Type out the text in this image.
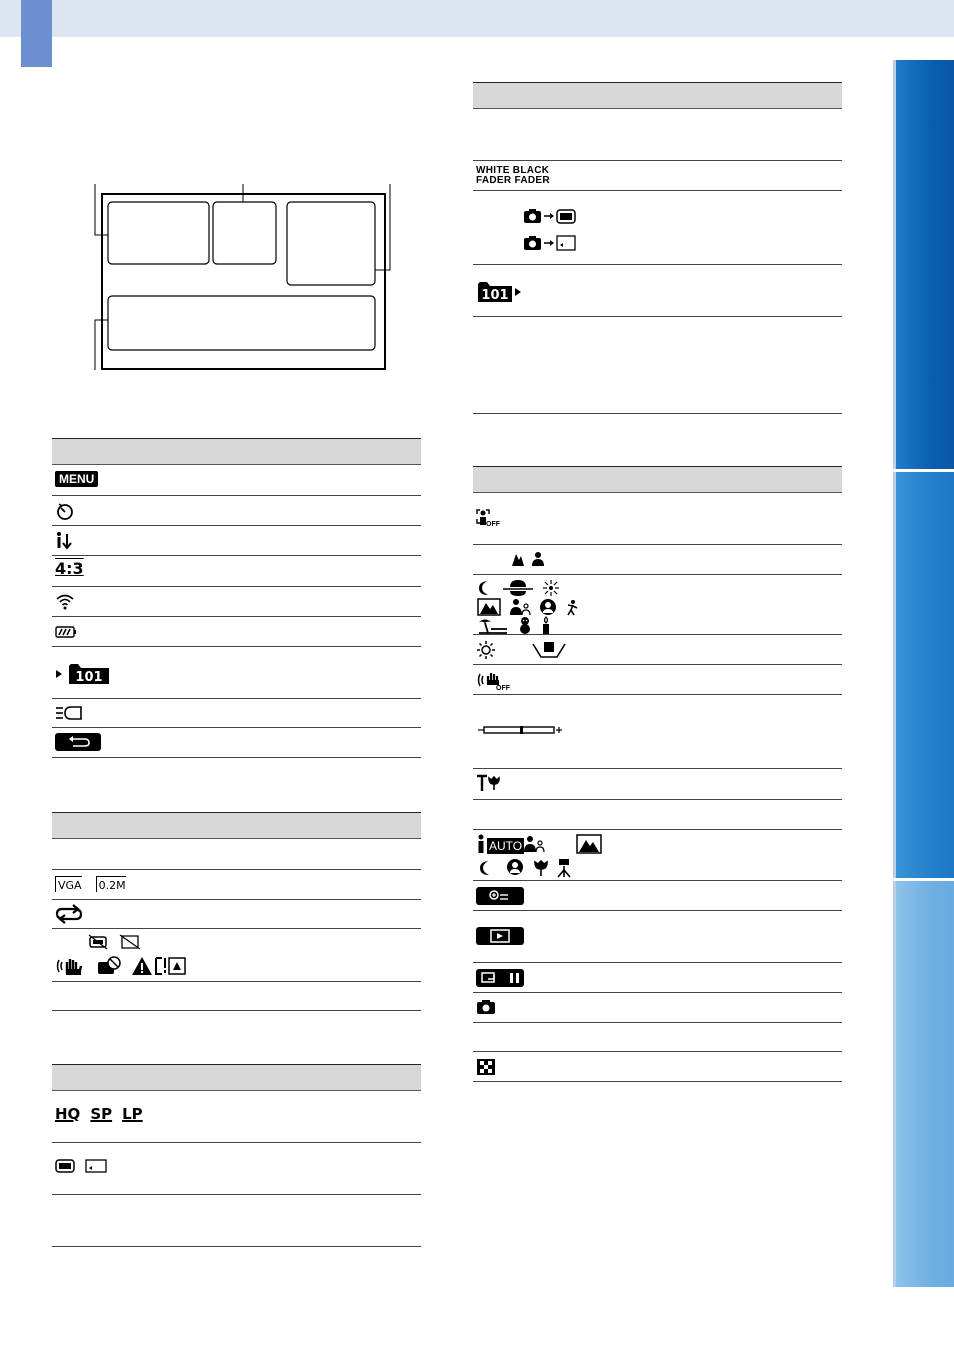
MENU
4:3
101
VGA 0.2M
HQ SP LP
WHITE BLACK
FADER FADER
101
OFF
OFF
AUTO
